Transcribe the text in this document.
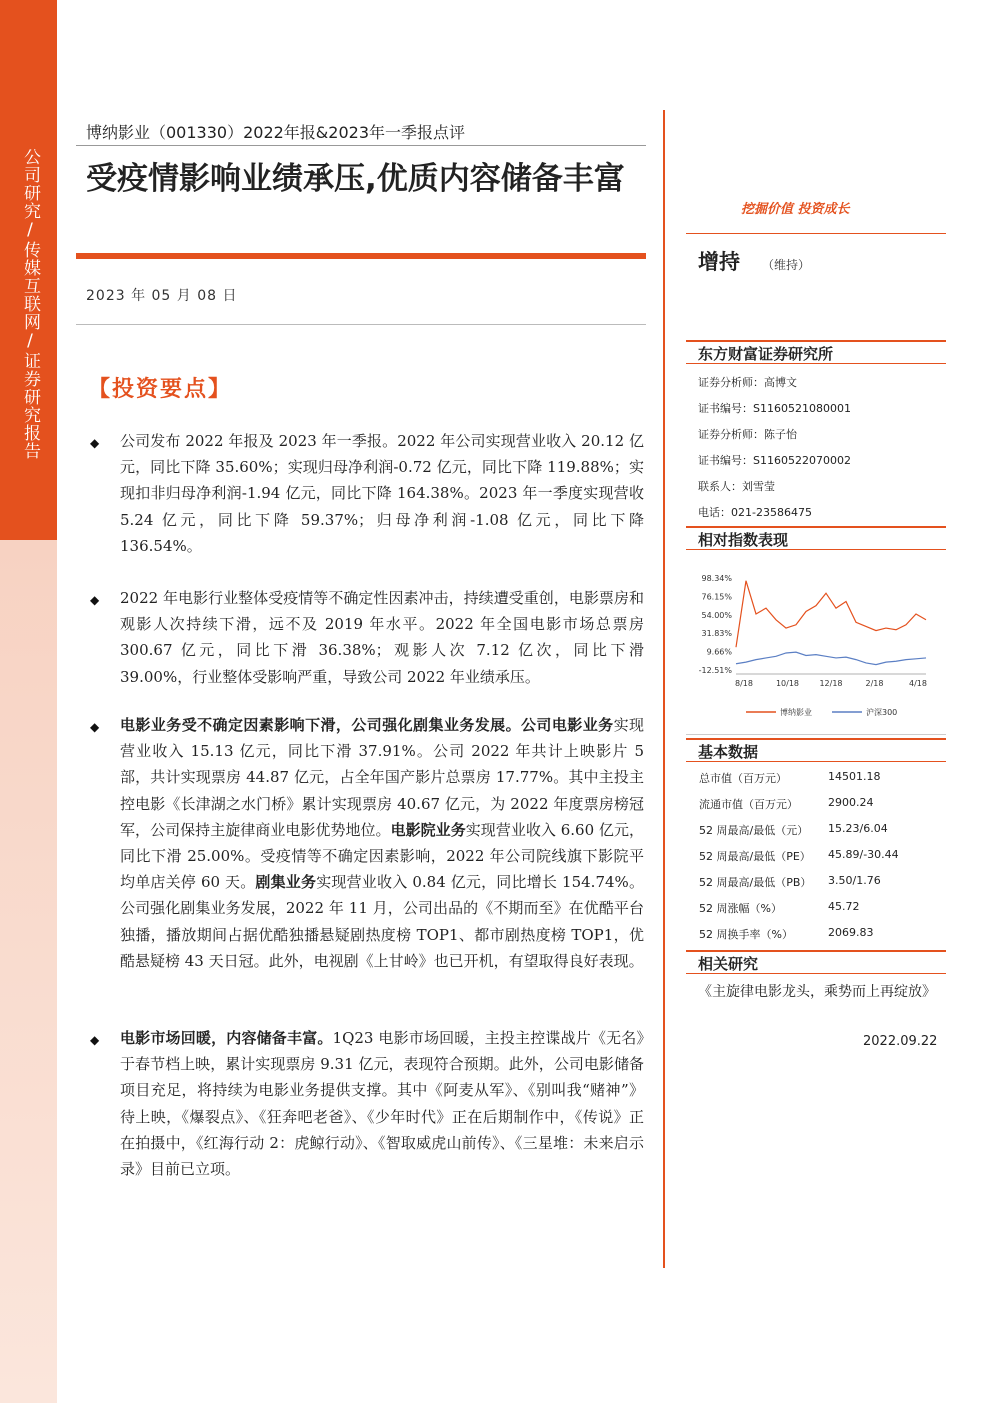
公司研究/传媒互联网/证券研究报告
博纳影业（001330）2022年报&2023年一季报点评
受疫情影响业绩承压,优质内容储备丰富
2023 年 05 月 08 日
【投资要点】
◆ 公司发布 2022 年报及 2023 年一季报。2022 年公司实现营业收入 20.12 亿元，同比下降 35.60%；实现归母净利润-0.72 亿元，同比下降 119.88%；实现扣非归母净利润-1.94 亿元，同比下降 164.38%。2023 年一季度实现营收 5.24 亿元，同比下降 59.37%；归母净利润-1.08 亿元，同比下降 136.54%。
◆ 2022 年电影行业整体受疫情等不确定性因素冲击，持续遭受重创，电影票房和观影人次持续下滑，远不及 2019 年水平。2022 年全国电影市场总票房 300.67 亿元，同比下滑 36.38%；观影人次 7.12 亿次，同比下滑 39.00%，行业整体受影响严重，导致公司 2022 年业绩承压。
◆ 电影业务受不确定因素影响下滑，公司强化剧集业务发展。公司电影业务实现营业收入 15.13 亿元，同比下滑 37.91%。公司 2022 年共计上映影片 5 部，共计实现票房 44.87 亿元，占全年国产影片总票房 17.77%。其中主投主控电影《长津湖之水门桥》累计实现票房 40.67 亿元，为 2022 年度票房榜冠军，公司保持主旋律商业电影优势地位。电影院业务实现营业收入 6.60 亿元，同比下滑 25.00%。受疫情等不确定因素影响，2022 年公司院线旗下影院平均单店关停 60 天。剧集业务实现营业收入 0.84 亿元，同比增长 154.74%。公司强化剧集业务发展，2022 年 11 月，公司出品的《不期而至》在优酷平台独播，播放期间占据优酷独播悬疑剧热度榜 TOP1、都市剧热度榜 TOP1，优酷悬疑榜 43 天日冠。此外，电视剧《上甘岭》也已开机，有望取得良好表现。
◆ 电影市场回暖，内容储备丰富。1Q23 电影市场回暖，主投主控谍战片《无名》于春节档上映，累计实现票房 9.31 亿元，表现符合预期。此外，公司电影储备项目充足，将持续为电影业务提供支撑。其中《阿麦从军》、《别叫我“赌神”》待上映，《爆裂点》、《狂奔吧老爸》、《少年时代》正在后期制作中，《传说》正在拍摄中，《红海行动 2：虎鲸行动》、《智取威虎山前传》、《三星堆：未来启示录》目前已立项。
挖掘价值 投资成长
增持 （维持）
东方财富证券研究所
证券分析师：高博文
证书编号：S1160521080001
证券分析师：陈子怡
证书编号：S1160522070002
联系人：刘雪莹
电话：021-23586475
相对指数表现
98.34%
76.15%
54.00%
31.83%
9.66%
-12.51%
8/18	10/18	12/18	2/18	4/18
博纳影业	沪深300
基本数据
总市值（百万元）	14501.18
流通市值（百万元）	2900.24
52 周最高/最低（元） 15.23/6.04
52 周最高/最低（PE） 45.89/-30.44
52 周最高/最低（PB） 3.50/1.76
52 周涨幅（%）	45.72
52 周换手率（%）	2069.83
相关研究
《主旋律电影龙头，乘势而上再绽放》
2022.09.22
